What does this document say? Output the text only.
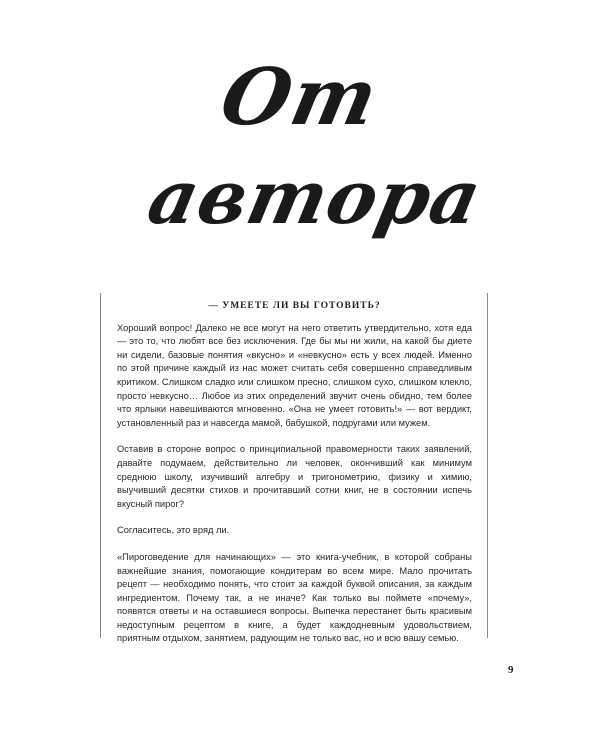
От
автора

— УМЕЕТЕ ЛИ ВЫ ГОТОВИТЬ?

Хороший вопрос! Далеко не все могут на него ответить утвердительно, хотя еда — это то, что любят все без исключения. Где бы мы ни жили, на какой бы диете ни сидели, базовые понятия «вкусно» и «невкусно» есть у всех людей. Именно по этой причине каждый из нас может считать себя совершенно справедливым критиком. Слишком сладко или слишком пресно, слишком сухо, слишком клекло, просто невкусно… Любое из этих определений звучит очень обидно, тем более что ярлыки навешиваются мгновенно. «Она не умеет готовить!» — вот вердикт, установленный раз и навсегда мамой, бабушкой, подругами или мужем.

Оставив в стороне вопрос о принципиальной правомерности таких заявлений, давайте подумаем, действительно ли человек, окончивший как минимум среднюю школу, изучивший алгебру и тригонометрию, физику и химию, выучивший десятки стихов и прочитавший сотни книг, не в состоянии испечь вкусный пирог?

Согласитесь, это вряд ли.

«Пироговедение для начинающих» — это книга-учебник, в которой собраны важнейшие знания, помогающие кондитерам во всем мире. Мало прочитать рецепт — необходимо понять, что стоит за каждой буквой описания, за каждым ингредиентом. Почему так, а не иначе? Как только вы поймете «почему», появятся ответы и на оставшиеся вопросы. Выпечка перестанет быть красивым недоступным рецептом в книге, а будет каждодневным удовольствием, приятным отдыхом, занятием, радующим не только вас, но и всю вашу семью.

9
